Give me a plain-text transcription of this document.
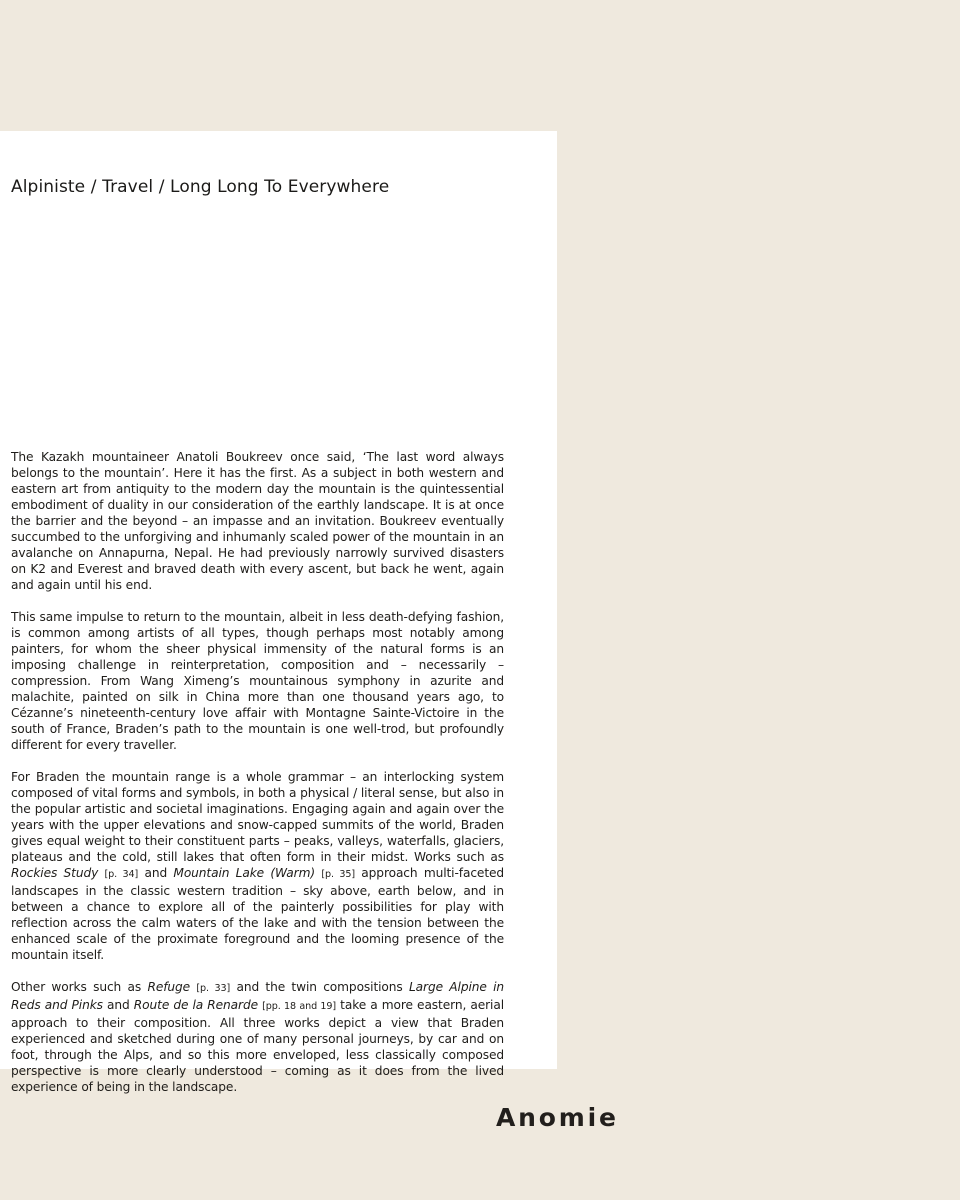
Alpiniste / Travel / Long Long To Everywhere

The Kazakh mountaineer Anatoli Boukreev once said, ‘The last word always belongs to the mountain’. Here it has the first. As a subject in both western and eastern art from antiquity to the modern day the mountain is the quintessential embodiment of duality in our consideration of the earthly landscape. It is at once the barrier and the beyond – an impasse and an invitation. Boukreev eventually succumbed to the unforgiving and inhumanly scaled power of the mountain in an avalanche on Annapurna, Nepal. He had previously narrowly survived disasters on K2 and Everest and braved death with every ascent, but back he went, again and again until his end.

This same impulse to return to the mountain, albeit in less death-defying fashion, is common among artists of all types, though perhaps most notably among painters, for whom the sheer physical immensity of the natural forms is an imposing challenge in reinterpretation, composition and – necessarily – compression. From Wang Ximeng’s mountainous symphony in azurite and malachite, painted on silk in China more than one thousand years ago, to Cézanne’s nineteenth-century love affair with Montagne Sainte-Victoire in the south of France, Braden’s path to the mountain is one well-trod, but profoundly different for every traveller.

For Braden the mountain range is a whole grammar – an interlocking system composed of vital forms and symbols, in both a physical / literal sense, but also in the popular artistic and societal imaginations. Engaging again and again over the years with the upper elevations and snow-capped summits of the world, Braden gives equal weight to their constituent parts – peaks, valleys, waterfalls, glaciers, plateaus and the cold, still lakes that often form in their midst. Works such as Rockies Study [p. 34] and Mountain Lake (Warm) [p. 35] approach multi-faceted landscapes in the classic western tradition – sky above, earth below, and in between a chance to explore all of the painterly possibilities for play with reflection across the calm waters of the lake and with the tension between the enhanced scale of the proximate foreground and the looming presence of the mountain itself.

Other works such as Refuge [p. 33] and the twin compositions Large Alpine in Reds and Pinks and Route de la Renarde [pp. 18 and 19] take a more eastern, aerial approach to their composition. All three works depict a view that Braden experienced and sketched during one of many personal journeys, by car and on foot, through the Alps, and so this more enveloped, less classically composed perspective is more clearly understood – coming as it does from the lived experience of being in the landscape.

Anomie
